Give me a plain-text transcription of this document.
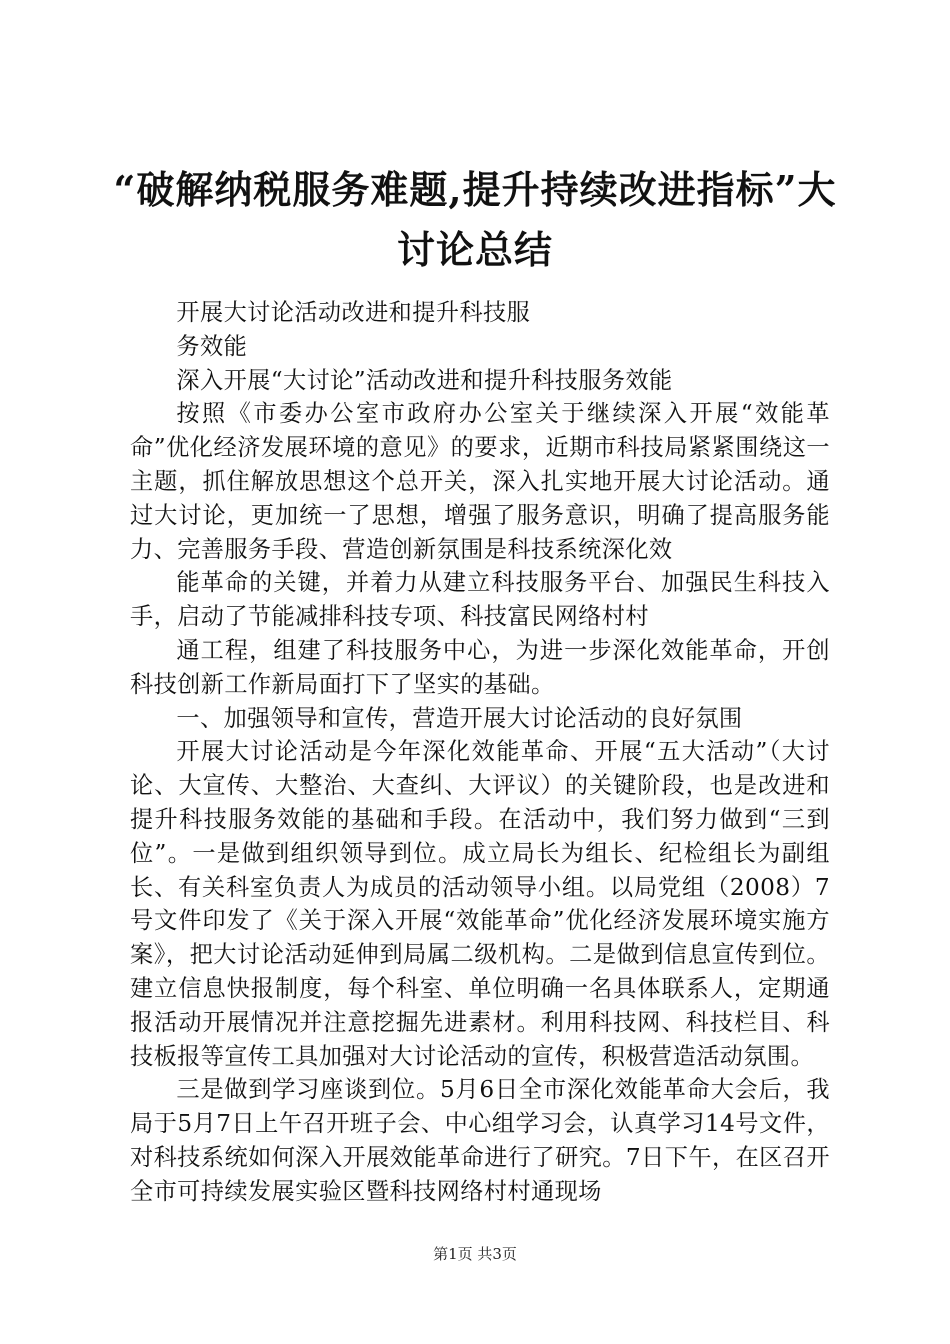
“破解纳税服务难题,提升持续改进指标”大
讨论总结

开展大讨论活动改进和提升科技服

务效能

深入开展“大讨论”活动改进和提升科技服务效能

按照《市委办公室市政府办公室关于继续深入开展“效能革命”优化经济发展环境的意见》的要求，近期市科技局紧紧围绕这一主题，抓住解放思想这个总开关，深入扎实地开展大讨论活动。通过大讨论，更加统一了思想，增强了服务意识，明确了提高服务能力、完善服务手段、营造创新氛围是科技系统深化效

能革命的关键，并着力从建立科技服务平台、加强民生科技入手，启动了节能减排科技专项、科技富民网络村村

通工程，组建了科技服务中心，为进一步深化效能革命，开创科技创新工作新局面打下了坚实的基础。

一、加强领导和宣传，营造开展大讨论活动的良好氛围

开展大讨论活动是今年深化效能革命、开展“五大活动”（大讨论、大宣传、大整治、大查纠、大评议）的关键阶段，也是改进和提升科技服务效能的基础和手段。在活动中，我们努力做到“三到位”。一是做到组织领导到位。成立局长为组长、纪检组长为副组长、有关科室负责人为成员的活动领导小组。以局党组（2008）7号文件印发了《关于深入开展“效能革命”优化经济发展环境实施方案》，把大讨论活动延伸到局属二级机构。二是做到信息宣传到位。建立信息快报制度，每个科室、单位明确一名具体联系人，定期通报活动开展情况并注意挖掘先进素材。利用科技网、科技栏目、科技板报等宣传工具加强对大讨论活动的宣传，积极营造活动氛围。

三是做到学习座谈到位。5月6日全市深化效能革命大会后，我局于5月7日上午召开班子会、中心组学习会，认真学习14号文件，对科技系统如何深入开展效能革命进行了研究。7日下午，在区召开全市可持续发展实验区暨科技网络村村通现场

第1页 共3页
